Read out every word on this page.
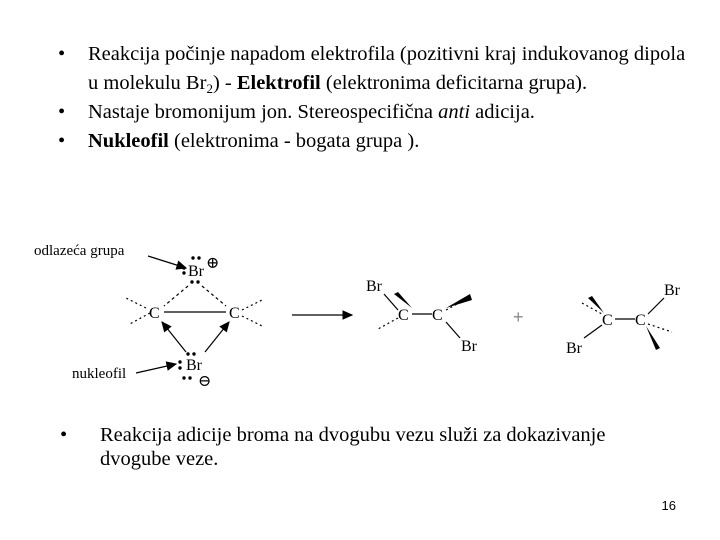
• Reakcija počinje napadom elektrofila (pozitivni kraj indukovanog dipola u molekulu $Br_2$) - Elektrofil (elektronima deficitarna grupa).
• Nastaje bromonijum jon. Stereospecifična anti adicija.
• Nukleofil (elektronima - bogata grupa ).
odlazeća grupa
Br ⊕
C	C
nukleofil	Br
⊖
Br
C C
Br
+	C C
Br
Br
•	Reakcija adicije broma na dvogubu vezu služi za dokazivanje dvogube veze.
16
